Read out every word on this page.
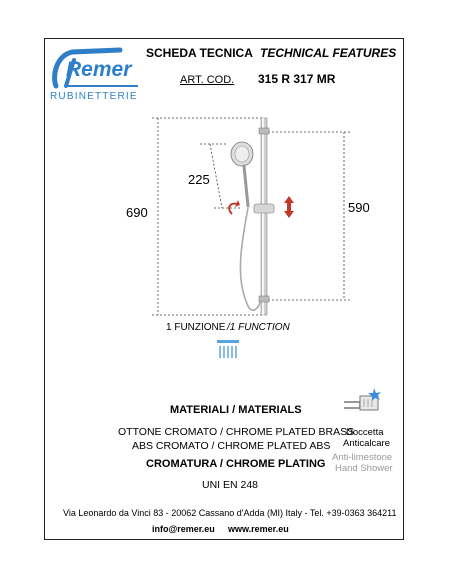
Remer
RUBINETTERIE
SCHEDA TECNICA TECHNICAL FEATURES
ART. COD. 315 R 317 MR
690	590
225
1 FUNZIONE /1 FUNCTION
MATERIALI / MATERIALS
OTTONE CROMATO / CHROME PLATED BRASS
ABS CROMATO / CHROME PLATED ABS
CROMATURA / CHROME PLATING
UNI EN 248
Doccetta
Anticalcare
Anti-limestone
Hand Shower
Via Leonardo da Vinci 83 - 20062 Cassano d'Adda (MI) Italy - Tel. +39-0363 364211
info@remer.eu www.remer.eu
